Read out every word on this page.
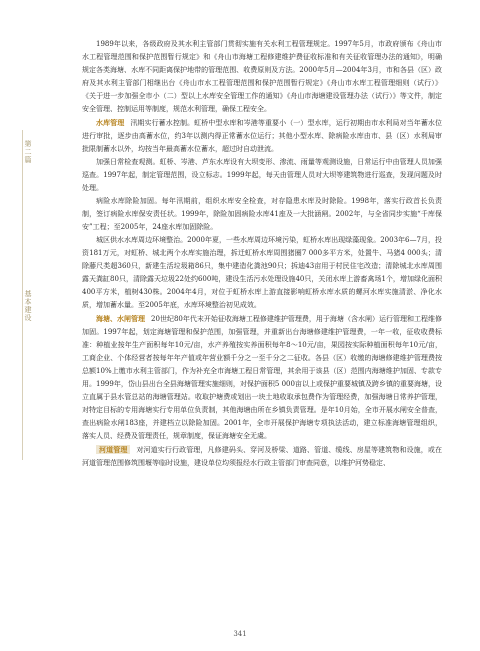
第二篇
基本建设

1989年以来，各级政府及其水利主管部门贯彻实施有关水利工程管理规定。1997年5月，市政府颁布《舟山市水工程管理范围和保护范围暂行规定》和《舟山市海塘工程修建维护费征收标准和有关征收管理办法的通知》，明确规定各类海塘、水库不同距离保护地带的管理范围、收费原则及方法。2000年5月—2004年3月，市和各县（区）政府及其水利主管部门相继出台《舟山市水工程管理范围和保护范围暂行规定》《舟山市水库工程管理细则（试行）》《关于进一步加强全市小（二）型以上水库安全管理工作的通知》《舟山市海塘建设管理办法（试行）》等文件，制定安全管理、控制运用等制度，规范水利管理，确保工程安全。

水库管理 汛期实行蓄水控制。虹桥中型水库和岑港等重要小（一）型水库，运行初期由市水利局对当年蓄水位进行审批，逐步由高蓄水位，约3年以测内得正常蓄水位运行；其他小型水库、除病险水库由市、县（区）水利局审批限制蓄水以外，均按当年最高蓄水位蓄水，超过时自动泄流。

加强日常检查观测。虹桥、岑港、芦东水库设有大坝变形、渗流、雨量等观测设施，日常运行中由管理人员加强巡查。1997年起，制定管理范围，设立标志。1999年起，每天由管理人员对大坝等建筑物进行巡查，发现问题及时处理。

病险水库除险加固。每年汛期前，组织水库安全检查，对存隐患水库及时除险。1998年，落实行政首长负责制，签订病险水库保安责任状。1999年，除险加固病险水库41座及一大批涵闸。2002年，与全省同步实施“千库保安”工程；至2005年，24座水库加固除险。

城区供水水库周边环境整治。2000年夏，一些水库周边环境污染，虹桥水库出现绿藻现象。2003年6—7月，投资181万元，对虹桥、城北两个水库实施治理，拆迁虹桥水库周围猪圈7 000多平方米，处置牛、马猪4 000头；清除藤尺类超360只，新建生活垃圾箱86只，集中建造化粪池90只；拆迪43亩用于村民住宅改造；清除城北水库周围露天粪缸80只，清除露天垃圾22处约600吨，建设生活污水处理设施40只，关闭水库上游畜禽场1个，增加绿化面积400平方米，植树430株。2004年4月，对位于虹桥水库上游直接影响虹桥水库水质的螺河水库实施清淤、净化水质，增加蓄水量。至2005年底，水库环境整治初见成效。

海塘、水闸管理 20世纪80年代末开始征收海塘工程修建维护管理费，用于海塘（含水闸）运行管理和工程维修加固。1997年起，划定海塘管理和保护范围，加强管理，并重新出台海塘修建维护管理费，一年一收，征收收费标准：种植业按年生产面积每年10元/亩，水产养殖按实养面积每年8～10元/亩，果园按实际种植面积每年10元/亩，工商企业、个体经营者按每年年产值或年营业额千分之一至千分之二征收。各县（区）收缴的海塘修建维护管理费按总额10%上缴市水利主管部门，作为补充全市海塘工程日常管理，其余用于该县（区）范围内海塘维护加固、专款专用。1999年，岱山县出台全县海塘管理实施细则，对保护面积5 000亩以上或保护重要城镇及跨乡镇的重要海塘，设立直属于县水管总站的海塘管理站。收取护塘费或划出一块土地收取承包费作为管理经费，加强海塘日常养护管理，对特定目标的专用海塘实行专用单位负责制，其他海塘由所在乡镇负责管理。是年10月始，全市开展水闸安全普查，查出病险水闸183座，并建档立以除险加固。2001年，全市开展保护海塘专项执法活动，建立标准海塘管理组织，落实人员、经费及管理责任，规章制度，保证海塘安全无虞。

河道管理 对河道实行行政管理，凡修建码头、穿河及桥梁、道路、管道、缆线、房屋等建筑物和设施，或在河道管理范围修筑围堰等临时设施，建设单位均须报经水行政主管部门审查同意，以维护河势稳定、

341
